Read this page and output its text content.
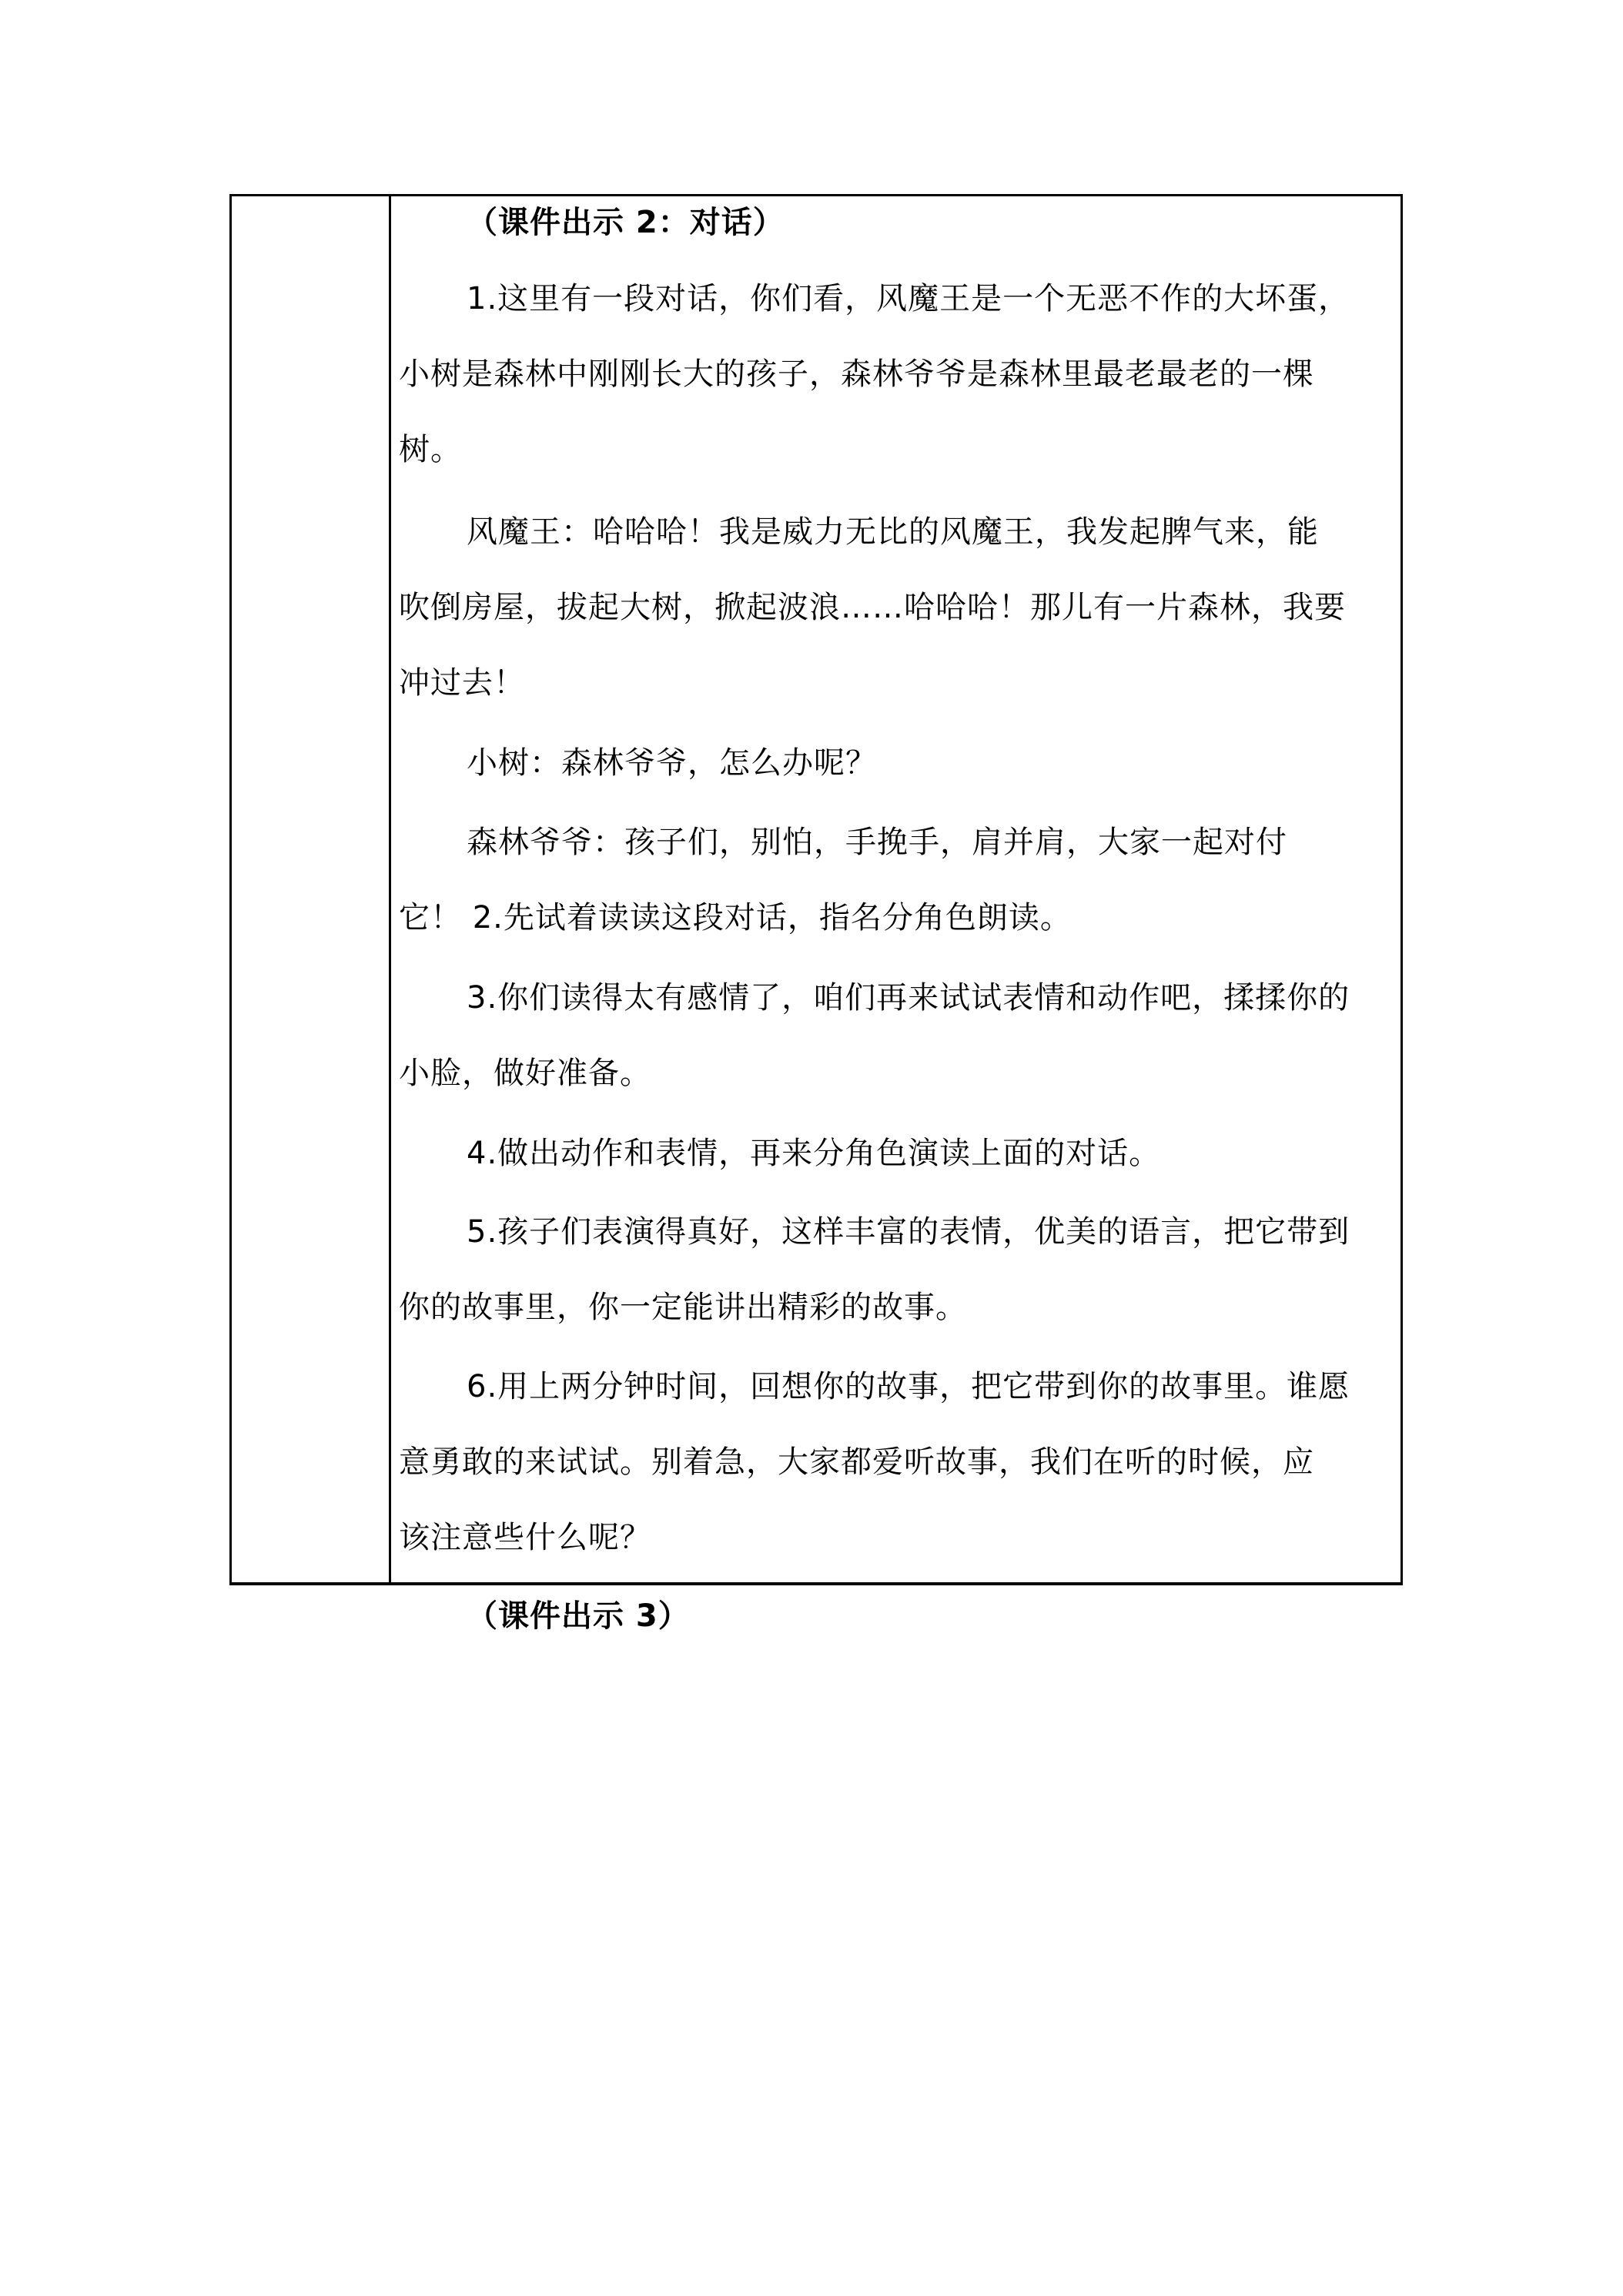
（课件出示 2：对话）
1.这里有一段对话，你们看，风魔王是一个无恶不作的大坏蛋，
小树是森林中刚刚长大的孩子，森林爷爷是森林里最老最老的一棵
树。
风魔王：哈哈哈！我是威力无比的风魔王，我发起脾气来，能
吹倒房屋，拔起大树，掀起波浪……哈哈哈！那儿有一片森林，我要
冲过去！
小树：森林爷爷，怎么办呢？
森林爷爷：孩子们，别怕，手挽手，肩并肩，大家一起对付
它！ 2.先试着读读这段对话，指名分角色朗读。
3.你们读得太有感情了，咱们再来试试表情和动作吧，揉揉你的
小脸，做好准备。
4.做出动作和表情，再来分角色演读上面的对话。
5.孩子们表演得真好，这样丰富的表情，优美的语言，把它带到
你的故事里，你一定能讲出精彩的故事。
6.用上两分钟时间，回想你的故事，把它带到你的故事里。谁愿
意勇敢的来试试。别着急，大家都爱听故事，我们在听的时候，应
该注意些什么呢？
（课件出示 3）
